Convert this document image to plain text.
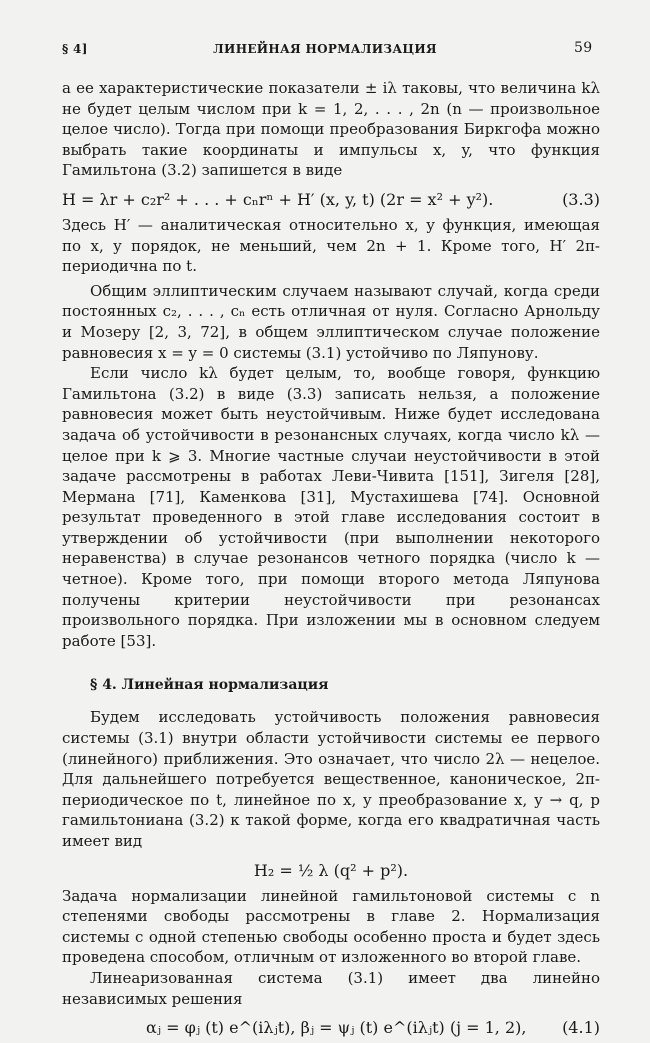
ЛИНЕЙНАЯ НОРМАЛИЗАЦИЯ
§ 4]	59

а ее характеристические показатели ± iλ таковы, что величина kλ не будет целым числом при k = 1, 2, . . . , 2n (n — произвольное целое число). Тогда при помощи преобразования Биркгофа можно выбрать такие координаты и импульсы x, y, что функция Гамильтона (3.2) запишется в виде

H = λr + c₂r² + . . . + cₙrⁿ + H′ (x, y, t) (2r = x² + y²).	(3.3)

Здесь H′ — аналитическая относительно x, y функция, имеющая по x, y порядок, не меньший, чем 2n + 1. Кроме того, H′ 2π-периодична по t.

Общим эллиптическим случаем называют случай, когда среди постоянных c₂, . . . , cₙ есть отличная от нуля. Согласно Арнольду и Мозеру [2, 3, 72], в общем эллиптическом случае положение равновесия x = y = 0 системы (3.1) устойчиво по Ляпунову.

Если число kλ будет целым, то, вообще говоря, функцию Гамильтона (3.2) в виде (3.3) записать нельзя, а положение равновесия может быть неустойчивым. Ниже будет исследована задача об устойчивости в резонансных случаях, когда число kλ — целое при k ⩾ 3. Многие частные случаи неустойчивости в этой задаче рассмотрены в работах Леви-Чивита [151], Зигеля [28], Мермана [71], Каменкова [31], Мустахишева [74]. Основной результат проведенного в этой главе исследования состоит в утверждении об устойчивости (при выполнении некоторого неравенства) в случае резонансов четного порядка (число k — четное). Кроме того, при помощи второго метода Ляпунова получены критерии неустойчивости при резонансах произвольного порядка. При изложении мы в основном следуем работе [53].

§ 4. Линейная нормализация

Будем исследовать устойчивость положения равновесия системы (3.1) внутри области устойчивости системы ее первого (линейного) приближения. Это означает, что число 2λ — нецелое. Для дальнейшего потребуется вещественное, каноническое, 2π-периодическое по t, линейное по x, y преобразование x, y → q, p гамильтониана (3.2) к такой форме, когда его квадратичная часть имеет вид

H₂ = ½ λ (q² + p²).

Задача нормализации линейной гамильтоновой системы с n степенями свободы рассмотрены в главе 2. Нормализация системы с одной степенью свободы особенно проста и будет здесь проведена способом, отличным от изложенного во второй главе.

Линеаризованная система (3.1) имеет два линейно независимых решения

αⱼ = φⱼ (t) e^(iλⱼt), βⱼ = ψⱼ (t) e^(iλⱼt) (j = 1, 2), (4.1)
